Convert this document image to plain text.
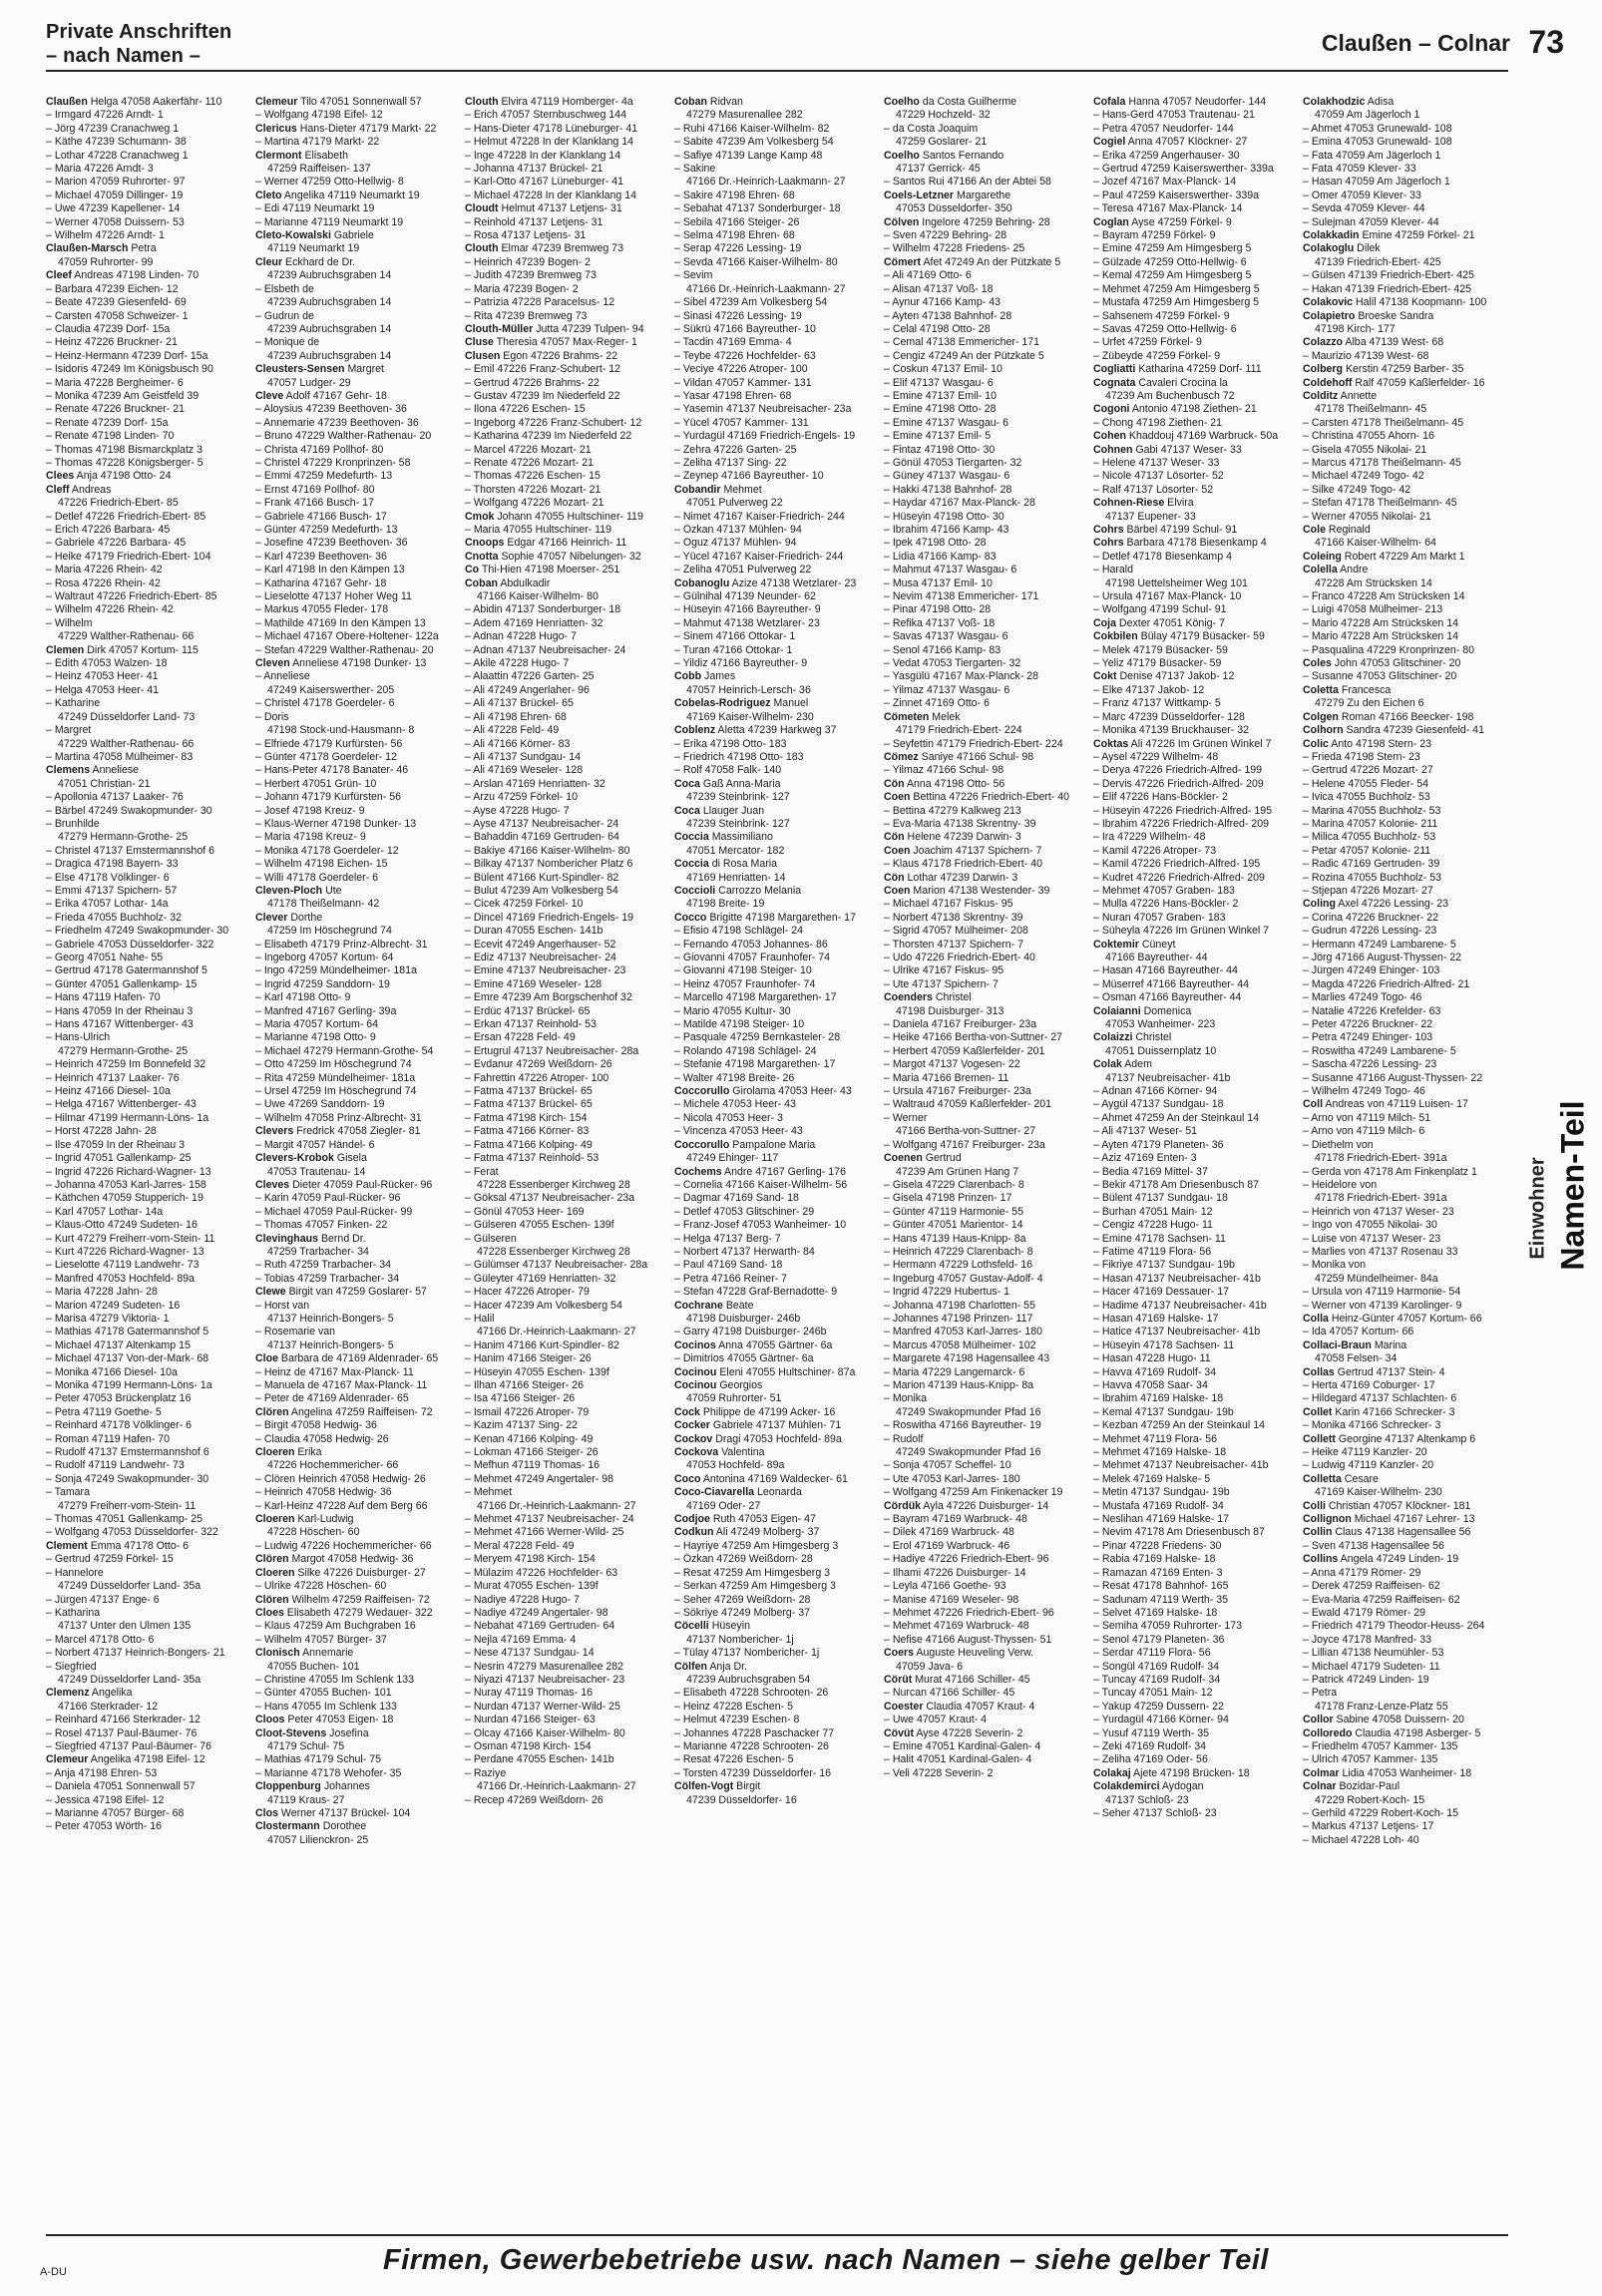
Private Anschriften
– nach Namen –	Claußen – Colnar 73
Claußen Helga 47058 Aakerfähr- 110
– Irmgard 47226 Arndt- 1
– Jörg 47239 Cranachweg 1
– Käthe 47239 Schumann- 38
– Lothar 47228 Cranachweg 1
– Maria 47226 Arndt- 3
– Marion 47059 Ruhrorter- 97
– Michael 47059 Dillinger- 19
– Uwe 47239 Kapellener- 14
– Werner 47058 Duissern- 53
– Wilhelm 47226 Arndt- 1
Claußen-Marsch Petra
47059 Ruhrorter- 99
Cleef Andreas 47198 Linden- 70
– Barbara 47239 Eichen- 12
– Beate 47239 Giesenfeld- 69
– Carsten 47058 Schweizer- 1
– Claudia 47239 Dorf- 15a
– Heinz 47226 Bruckner- 21
– Heinz-Hermann 47239 Dorf- 15a
– Isidoris 47249 Im Königsbusch 90
– Maria 47228 Bergheimer- 6
– Monika 47239 Am Geistfeld 39
– Renate 47226 Bruckner- 21
– Renate 47239 Dorf- 15a
– Renate 47198 Linden- 70
– Thomas 47198 Bismarckplatz 3
– Thomas 47228 Königsberger- 5
Clees Anja 47198 Otto- 24
Cleff Andreas
47226 Friedrich-Ebert- 85
– Detlef 47226 Friedrich-Ebert- 85
– Erich 47226 Barbara- 45
– Gabriele 47226 Barbara- 45
– Heike 47179 Friedrich-Ebert- 104
– Maria 47226 Rhein- 42
– Rosa 47226 Rhein- 42
– Waltraut 47226 Friedrich-Ebert- 85
– Wilhelm 47226 Rhein- 42
– Wilhelm
47229 Walther-Rathenau- 66
Clemen Dirk 47057 Kortum- 115
– Edith 47053 Walzen- 18
– Heinz 47053 Heer- 41
– Helga 47053 Heer- 41
– Katharine
47249 Düsseldorfer Land- 73
– Margret
47229 Walther-Rathenau- 66
– Martina 47058 Mülheimer- 83
Clemens Anneliese
47051 Christian- 21
– Apollonia 47137 Laaker- 76
– Bärbel 47249 Swakopmunder- 30
– Brunhilde
47279 Hermann-Grothe- 25
– Christel 47137 Emstermannshof 6
– Dragica 47198 Bayern- 33
– Else 47178 Völklinger- 6
– Emmi 47137 Spichern- 57
– Erika 47057 Lothar- 14a
– Frieda 47055 Buchholz- 32
– Friedhelm 47249 Swakopmunder- 30
– Gabriele 47053 Düsseldorfer- 322
– Georg 47051 Nahe- 55
– Gertrud 47178 Gatermannshof 5
– Günter 47051 Gallenkamp- 15
– Hans 47119 Hafen- 70
– Hans 47059 In der Rheinau 3
– Hans 47167 Wittenberger- 43
– Hans-Ulrich
47279 Hermann-Grothe- 25
– Heinrich 47259 Im Bonnefeld 32
– Heinrich 47137 Laaker- 76
– Heinz 47166 Diesel- 10a
– Helga 47167 Wittenberger- 43
– Hilmar 47199 Hermann-Löns- 1a
– Horst 47228 Jahn- 28
– Ilse 47059 In der Rheinau 3
– Ingrid 47051 Gallenkamp- 25
– Ingrid 47226 Richard-Wagner- 13
– Johanna 47053 Karl-Jarres- 158
– Käthchen 47059 Stupperich- 19
– Karl 47057 Lothar- 14a
– Klaus-Otto 47249 Sudeten- 16
– Kurt 47279 Freiherr-vom-Stein- 11
– Kurt 47226 Richard-Wagner- 13
– Lieselotte 47119 Landwehr- 73
– Manfred 47053 Hochfeld- 89a
– Maria 47228 Jahn- 28
– Marion 47249 Sudeten- 16
– Marisa 47279 Viktoria- 1
– Mathias 47178 Gatermannshof 5
– Michael 47137 Altenkamp 15
– Michael 47137 Von-der-Mark- 68
– Monika 47166 Diesel- 10a
– Monika 47199 Hermann-Löns- 1a
– Peter 47053 Brückenplatz 16
– Petra 47119 Goethe- 5
– Reinhard 47178 Völklinger- 6
– Roman 47119 Hafen- 70
– Rudolf 47137 Emstermannshof 6
– Rudolf 47119 Landwehr- 73
– Sonja 47249 Swakopmunder- 30
– Tamara
47279 Freiherr-vom-Stein- 11
– Thomas 47051 Gallenkamp- 25
– Wolfgang 47053 Düsseldorfer- 322
Clement Emma 47178 Otto- 6
– Gertrud 47259 Förkel- 15
– Hannelore
47249 Düsseldorfer Land- 35a
– Jürgen 47137 Enge- 6
– Katharina
47137 Unter den Ulmen 135
– Marcel 47178 Otto- 6
– Norbert 47137 Heinrich-Bongers- 21
– Siegfried
47249 Düsseldorfer Land- 35a
Clemenz Angelika
47166 Sterkrader- 12
– Reinhard 47166 Sterkrader- 12
– Rosel 47137 Paul-Bäumer- 76
– Siegfried 47137 Paul-Bäumer- 76
Clemeur Angelika 47198 Eifel- 12
– Anja 47198 Ehren- 53
– Daniela 47051 Sonnenwall 57
– Jessica 47198 Eifel- 12
– Marianne 47057 Bürger- 68
– Peter 47053 Wörth- 16
Clemeur Tilo 47051 Sonnenwall 57
– Wolfgang 47198 Eifel- 12
Clericus Hans-Dieter 47179 Markt- 22
– Martina 47179 Markt- 22
Clermont Elisabeth
47259 Raiffeisen- 137
– Werner 47259 Otto-Hellwig- 8
Cleto Angelika 47119 Neumarkt 19
– Edi 47119 Neumarkt 19
– Marianne 47119 Neumarkt 19
Cleto-Kowalski Gabriele
47119 Neumarkt 19
Cleur Eckhard de Dr.
47239 Aubruchsgraben 14
– Elsbeth de
47239 Aubruchsgraben 14
– Gudrun de
47239 Aubruchsgraben 14
– Monique de
47239 Aubruchsgraben 14
Cleusters-Sensen Margret
47057 Ludger- 29
Cleve Adolf 47167 Gehr- 18
– Aloysius 47239 Beethoven- 36
– Annemarie 47239 Beethoven- 36
– Bruno 47229 Walther-Rathenau- 20
– Christa 47169 Pollhof- 80
– Christel 47229 Kronprinzen- 58
– Emmi 47259 Medefurth- 13
– Ernst 47169 Pollhof- 80
– Frank 47166 Busch- 17
– Gabriele 47166 Busch- 17
– Günter 47259 Medefurth- 13
– Josefine 47239 Beethoven- 36
– Karl 47239 Beethoven- 36
– Karl 47198 In den Kämpen 13
– Katharina 47167 Gehr- 18
– Lieselotte 47137 Hoher Weg 11
– Markus 47055 Fleder- 178
– Mathilde 47169 In den Kämpen 13
– Michael 47167 Obere-Holtener- 122a
– Stefan 47229 Walther-Rathenau- 20
Cleven Anneliese 47198 Dunker- 13
– Anneliese
47249 Kaiserswerther- 205
– Christel 47178 Goerdeler- 6
– Doris
47198 Stock-und-Hausmann- 8
– Elfriede 47179 Kurfürsten- 56
– Günter 47178 Goerdeler- 12
– Hans-Peter 47178 Banater- 46
– Herbert 47051 Grün- 10
– Johann 47179 Kurfürsten- 56
– Josef 47198 Kreuz- 9
– Klaus-Werner 47198 Dunker- 13
– Maria 47198 Kreuz- 9
– Monika 47178 Goerdeler- 12
– Wilhelm 47198 Eichen- 15
– Willi 47178 Goerdeler- 6
Cleven-Ploch Ute
47178 Theißelmann- 42
Clever Dorthe
47259 Im Höschegrund 74
– Elisabeth 47179 Prinz-Albrecht- 31
– Ingeborg 47057 Kortum- 64
– Ingo 47259 Mündelheimer- 181a
– Ingrid 47259 Sanddorn- 19
– Karl 47198 Otto- 9
– Manfred 47167 Gerling- 39a
– Maria 47057 Kortum- 64
– Marianne 47198 Otto- 9
– Michael 47279 Hermann-Grothe- 54
– Otto 47259 Im Höschegrund 74
– Rita 47259 Mündelheimer- 181a
– Ursel 47259 Im Höschegrund 74
– Uwe 47269 Sanddorn- 19
– Wilhelm 47058 Prinz-Albrecht- 31
Clevers Fredrick 47058 Ziegler- 81
– Margit 47057 Händel- 6
Clevers-Krobok Gisela
47053 Trautenau- 14
Cleves Dieter 47059 Paul-Rücker- 96
– Karin 47059 Paul-Rücker- 96
– Michael 47059 Paul-Rücker- 99
– Thomas 47057 Finken- 22
Clevinghaus Bernd Dr.
47259 Trarbacher- 34
– Ruth 47259 Trarbacher- 34
– Tobias 47259 Trarbacher- 34
Clewe Birgit van 47259 Goslarer- 57
– Horst van
47137 Heinrich-Bongers- 5
– Rosemarie van
47137 Heinrich-Bongers- 5
Cloe Barbara de 47169 Aldenrader- 65
– Heinz de 47167 Max-Planck- 11
– Manuela de 47167 Max-Planck- 11
– Peter de 47169 Aldenrader- 65
Clören Angelina 47259 Raiffeisen- 72
– Birgit 47058 Hedwig- 36
– Claudia 47058 Hedwig- 26
Cloeren Erika
47226 Hochemmericher- 66
– Clören Heinrich 47058 Hedwig- 26
– Heinrich 47058 Hedwig- 36
– Karl-Heinz 47228 Auf dem Berg 66
Cloeren Karl-Ludwig
47228 Höschen- 60
– Ludwig 47226 Hochemmericher- 66
Clören Margot 47058 Hedwig- 36
Cloeren Silke 47226 Duisburger- 27
– Ulrike 47228 Höschen- 60
Clören Wilhelm 47259 Raiffeisen- 72
Cloes Elisabeth 47279 Wedauer- 322
– Klaus 47259 Am Buchgraben 16
– Wilhelm 47057 Bürger- 37
Clonisch Annemarie
47055 Buchen- 101
– Christine 47055 Im Schlenk 133
– Günter 47055 Buchen- 101
– Hans 47055 Im Schlenk 133
Cloos Peter 47053 Eigen- 18
Cloot-Stevens Josefina
47179 Schul- 75
– Mathias 47179 Schul- 75
– Marianne 47178 Wehofer- 35
Cloppenburg Johannes
47119 Kraus- 27
Clos Werner 47137 Brückel- 104
Clostermann Dorothee
47057 Lilienckron- 25
Clouth Elvira 47119 Homberger- 4a
– Erich 47057 Sternbuschweg 144
– Hans-Dieter 47178 Lüneburger- 41
– Helmut 47228 In der Klanklang 14
– Inge 47228 In der Klanklang 14
– Johanna 47137 Brückel- 21
– Karl-Otto 47167 Lüneburger- 41
– Michael 47228 In der Klanklang 14
Cloudt Helmut 47137 Letjens- 31
– Reinhold 47137 Letjens- 31
– Rosa 47137 Letjens- 31
Clouth Elmar 47239 Bremweg 73
– Heinrich 47239 Bogen- 2
– Judith 47239 Bremweg 73
– Maria 47239 Bogen- 2
– Patrizia 47228 Paracelsus- 12
– Rita 47239 Bremweg 73
Clouth-Müller Jutta 47239 Tulpen- 94
Cluse Theresia 47057 Max-Reger- 1
Clusen Egon 47226 Brahms- 22
– Emil 47226 Franz-Schubert- 12
– Gertrud 47226 Brahms- 22
– Gustav 47239 Im Niederfeld 22
– Ilona 47226 Eschen- 15
– Ingeborg 47226 Franz-Schubert- 12
– Katharina 47239 Im Niederfeld 22
– Marcel 47226 Mozart- 21
– Renate 47226 Mozart- 21
– Thomas 47226 Eschen- 15
– Thorsten 47226 Mozart- 21
– Wolfgang 47226 Mozart- 21
Cmok Johann 47055 Hultschiner- 119
– Maria 47055 Hultschiner- 119
Cnoops Edgar 47166 Heinrich- 11
Cnotta Sophie 47057 Nibelungen- 32
Co Thi-Hien 47198 Moerser- 251
Coban Abdulkadir
47166 Kaiser-Wilhelm- 80
– Abidin 47137 Sonderburger- 18
– Adem 47169 Henriatten- 32
– Adnan 47228 Hugo- 7
– Adnan 47137 Neubreisacher- 24
– Akile 47228 Hugo- 7
– Alaattin 47226 Garten- 25
– Ali 47249 Angerlaher- 96
– Ali 47137 Brückel- 65
– Ali 47198 Ehren- 68
– Ali 47228 Feld- 49
– Ali 47166 Körner- 83
– Ali 47137 Sundgau- 14
– Ali 47169 Weseler- 128
– Arslan 47169 Henriatten- 32
– Arzu 47259 Förkel- 10
– Ayse 47228 Hugo- 7
– Ayse 47137 Neubreisacher- 24
– Bahaddin 47169 Gertruden- 64
– Bakiye 47166 Kaiser-Wilhelm- 80
– Bilkay 47137 Nombericher Platz 6
– Bülent 47166 Kurt-Spindler- 82
– Bulut 47239 Am Volkesberg 54
– Cicek 47259 Förkel- 10
– Dincel 47169 Friedrich-Engels- 19
– Duran 47055 Eschen- 141b
– Ecevit 47249 Angerhauser- 52
– Ediz 47137 Neubreisacher- 24
– Emine 47137 Neubreisacher- 23
– Emine 47169 Weseler- 128
– Emre 47239 Am Borgschenhof 32
– Erdüc 47137 Brückel- 65
– Erkan 47137 Reinhold- 53
– Ersan 47228 Feld- 49
– Ertugrul 47137 Neubreisacher- 28a
– Evdanur 47269 Weißdorn- 26
– Fahrettin 47226 Atroper- 100
– Fatma 47137 Brückel- 65
– Fatma 47137 Brückel- 65
– Fatma 47198 Kirch- 154
– Fatma 47166 Körner- 83
– Fatma 47166 Kolping- 49
– Fatma 47137 Reinhold- 53
– Ferat
47228 Essenberger Kirchweg 28
– Göksal 47137 Neubreisacher- 23a
– Gönül 47053 Heer- 169
– Gülseren 47055 Eschen- 139f
– Gülseren
47228 Essenberger Kirchweg 28
– Gülümser 47137 Neubreisacher- 28a
– Güleyter 47169 Henriatten- 32
– Hacer 47226 Atroper- 79
– Hacer 47239 Am Volkesberg 54
– Halil
47166 Dr.-Heinrich-Laakmann- 27
– Hanim 47166 Kurt-Spindler- 82
– Hanim 47166 Steiger- 26
– Hüseyin 47055 Eschen- 139f
– Ilhan 47166 Steiger- 26
– Isa 47166 Steiger- 26
– Ismail 47226 Atroper- 79
– Kazim 47137 Sing- 22
– Kenan 47166 Kolping- 49
– Lokman 47166 Steiger- 26
– Mefhun 47119 Thomas- 16
– Mehmet 47249 Angertaler- 98
– Mehmet
47166 Dr.-Heinrich-Laakmann- 27
– Mehmet 47137 Neubreisacher- 24
– Mehmet 47166 Werner-Wild- 25
– Meral 47228 Feld- 49
– Meryem 47198 Kirch- 154
– Mülazim 47226 Hochfelder- 63
– Murat 47055 Eschen- 139f
– Nadiye 47228 Hugo- 7
– Nadiye 47249 Angertaler- 98
– Nebahat 47169 Gertruden- 64
– Nejla 47169 Emma- 4
– Nese 47137 Sundgau- 14
– Nesrin 47279 Masurenallee 282
– Niyazi 47137 Neubreisacher- 23
– Nuray 47119 Thomas- 16
– Nurdan 47137 Werner-Wild- 25
– Nurdan 47166 Steiger- 63
– Olcay 47166 Kaiser-Wilhelm- 80
– Osman 47198 Kirch- 154
– Perdane 47055 Eschen- 141b
– Raziye
47166 Dr.-Heinrich-Laakmann- 27
– Recep 47269 Weißdorn- 26
Coban Ridvan
47279 Masurenallee 282
– Ruhi 47166 Kaiser-Wilhelm- 82
– Sabite 47239 Am Volkesberg 54
– Safiye 47139 Lange Kamp 48
– Sakine
47166 Dr.-Heinrich-Laakmann- 27
– Sakire 47198 Ehren- 68
– Sebahat 47137 Sonderburger- 18
– Sebila 47166 Steiger- 26
– Selma 47198 Ehren- 68
– Serap 47226 Lessing- 19
– Sevda 47166 Kaiser-Wilhelm- 80
– Sevim
47166 Dr.-Heinrich-Laakmann- 27
– Sibel 47239 Am Volkesberg 54
– Sinasi 47226 Lessing- 19
– Sükrü 47166 Bayreuther- 10
– Tacdin 47169 Emma- 4
– Teybe 47226 Hochfelder- 63
– Veciye 47226 Atroper- 100
– Vildan 47057 Kammer- 131
– Yasar 47198 Ehren- 68
– Yasemin 47137 Neubreisacher- 23a
– Yücel 47057 Kammer- 131
– Yurdagül 47169 Friedrich-Engels- 19
– Zehra 47226 Garten- 25
– Zeliha 47137 Sing- 22
– Zeynep 47166 Bayreuther- 10
Cobandir Mehmet
47051 Pulverweg 22
– Nimet 47167 Kaiser-Friedrich- 244
– Özkan 47137 Mühlen- 94
– Oguz 47137 Mühlen- 94
– Yücel 47167 Kaiser-Friedrich- 244
– Zeliha 47051 Pulverweg 22
Cobanoglu Azize 47138 Wetzlarer- 23
– Gülnihal 47139 Neunder- 62
– Hüseyin 47166 Bayreuther- 9
– Mahmut 47138 Wetzlarer- 23
– Sinem 47166 Ottokar- 1
– Turan 47166 Ottokar- 1
– Yildiz 47166 Bayreuther- 9
Cobb James
47057 Heinrich-Lersch- 36
Cobelas-Rodriguez Manuel
47169 Kaiser-Wilhelm- 230
Coblenz Aletta 47239 Harkweg 37
– Erika 47198 Otto- 183
– Friedrich 47198 Otto- 183
– Rolf 47058 Falk- 140
Coca Gaß Anna-Maria
47239 Steinbrink- 127
Coca Llauger Juan
47239 Steinbrink- 127
Coccia Massimiliano
47051 Mercator- 182
Coccia di Rosa Maria
47169 Henriatten- 14
Coccioli Carrozzo Melania
47198 Breite- 19
Cocco Brigitte 47198 Margarethen- 17
– Efisio 47198 Schlägel- 24
– Fernando 47053 Johannes- 86
– Giovanni 47057 Fraunhofer- 74
– Giovanni 47198 Steiger- 10
– Heinz 47057 Fraunhofer- 74
– Marcello 47198 Margarethen- 17
– Mario 47055 Kultur- 30
– Matilde 47198 Steiger- 10
– Pasquale 47259 Bernkasteler- 28
– Rolando 47198 Schlägel- 24
– Stefanie 47198 Margarethen- 17
– Walter 47198 Breite- 26
Coccorullo Girolama 47053 Heer- 43
– Michele 47053 Heer- 43
– Nicola 47053 Heer- 3
– Vincenza 47053 Heer- 43
Coccorullo Pampalone Maria
47249 Ehinger- 117
Cochems Andre 47167 Gerling- 176
– Cornelia 47166 Kaiser-Wilhelm- 56
– Dagmar 47169 Sand- 18
– Detlef 47053 Glitschiner- 29
– Franz-Josef 47053 Wanheimer- 10
– Helga 47137 Berg- 7
– Norbert 47137 Herwarth- 84
– Paul 47169 Sand- 18
– Petra 47166 Reiner- 7
– Stefan 47228 Graf-Bernadotte- 9
Cochrane Beate
47198 Duisburger- 246b
– Garry 47198 Duisburger- 246b
Cocinos Anna 47055 Gärtner- 6a
– Dimitrios 47055 Gärtner- 6a
Cocinou Eleni 47055 Hultschiner- 87a
Cocinou Georgios
47059 Ruhrorter- 51
Cock Philippe de 47199 Acker- 16
Cocker Gabriele 47137 Mühlen- 71
Cockov Dragi 47053 Hochfeld- 89a
Cockova Valentina
47053 Hochfeld- 89a
Coco Antonina 47169 Waldecker- 61
Coco-Ciavarella Leonarda
47169 Oder- 27
Codjoe Ruth 47053 Eigen- 47
Codkun Ali 47249 Molberg- 37
– Hayriye 47259 Am Himgesberg 3
– Özkan 47269 Weißdorn- 28
– Resat 47259 Am Himgesberg 3
– Serkan 47259 Am Himgesberg 3
– Seher 47269 Weißdorn- 28
– Sökriye 47249 Molberg- 37
Cöcelli Hüseyin
47137 Nombericher- 1j
– Tülay 47137 Nombericher- 1j
Cölfen Anja Dr.
47239 Aubruchsgraben 54
– Elisabeth 47228 Schrooten- 26
– Heinz 47228 Eschen- 5
– Helmut 47239 Eschen- 8
– Johannes 47228 Paschacker 77
– Marianne 47228 Schrooten- 26
– Resat 47226 Eschen- 5
– Torsten 47239 Düsseldorfer- 16
Cölfen-Vogt Birgit
47239 Düsseldorfer- 16
Coelho da Costa Guilherme
47229 Hochzeld- 32
– da Costa Joaquim
47259 Goslarer- 21
Coelho Santos Fernando
47137 Gerrick- 45
– Santos Rui 47166 An der Abtei 58
Coels-Letzner Margarethe
47053 Düsseldorfer- 350
Cölven Ingelore 47259 Behring- 28
– Sven 47229 Behring- 28
– Wilhelm 47228 Friedens- 25
Cömert Afet 47249 An der Pützkate 5
– Ali 47169 Otto- 6
– Alisan 47137 Voß- 18
– Aynur 47166 Kamp- 43
– Ayten 47138 Bahnhof- 28
– Celal 47198 Otto- 28
– Cemal 47138 Emmericher- 171
– Cengiz 47249 An der Pützkate 5
– Coskun 47137 Emil- 10
– Elif 47137 Wasgau- 6
– Emine 47137 Emil- 10
– Emine 47198 Otto- 28
– Emine 47137 Wasgau- 6
– Emine 47137 Emil- 5
– Fintaz 47198 Otto- 30
– Gönül 47053 Tiergarten- 32
– Güney 47137 Wasgau- 6
– Hakki 47138 Bahnhof- 28
– Haydar 47167 Max-Planck- 28
– Hüseyin 47198 Otto- 30
– Ibrahim 47166 Kamp- 43
– Ipek 47198 Otto- 28
– Lidia 47166 Kamp- 83
– Mahmut 47137 Wasgau- 6
– Musa 47137 Emil- 10
– Nevim 47138 Emmericher- 171
– Pinar 47198 Otto- 28
– Refika 47137 Voß- 18
– Savas 47137 Wasgau- 6
– Senol 47166 Kamp- 83
– Vedat 47053 Tiergarten- 32
– Yasgülü 47167 Max-Planck- 28
– Yilmaz 47137 Wasgau- 6
– Zinnet 47169 Otto- 6
Cömeten Melek
47179 Friedrich-Ebert- 224
– Seyfettin 47179 Friedrich-Ebert- 224
Cömez Saniye 47166 Schul- 98
– Yilmaz 47166 Schul- 98
Cön Anna 47198 Otto- 56
Coen Bettina 47226 Friedrich-Ebert- 40
– Bettina 47279 Kalkweg 213
– Eva-Maria 47138 Skrentny- 39
Cön Helene 47239 Darwin- 3
Coen Joachim 47137 Spichern- 7
– Klaus 47178 Friedrich-Ebert- 40
Cön Lothar 47239 Darwin- 3
Coen Marion 47138 Westender- 39
– Michael 47167 Fiskus- 95
– Norbert 47138 Skrentny- 39
– Sigrid 47057 Mülheimer- 208
– Thorsten 47137 Spichern- 7
– Udo 47226 Friedrich-Ebert- 40
– Ulrike 47167 Fiskus- 95
– Ute 47137 Spichern- 7
Coenders Christel
47198 Duisburger- 313
– Daniela 47167 Freiburger- 23a
– Heike 47166 Bertha-von-Suttner- 27
– Herbert 47059 Kaßlerfelder- 201
– Margot 47137 Vogesen- 22
– Maria 47166 Bremen- 11
– Ursula 47167 Freiburger- 23a
– Waltraud 47059 Kaßlerfelder- 201
– Werner
47166 Bertha-von-Suttner- 27
– Wolfgang 47167 Freiburger- 23a
Coenen Gertrud
47239 Am Grünen Hang 7
– Gisela 47229 Clarenbach- 8
– Gisela 47198 Prinzen- 17
– Günter 47119 Harmonie- 55
– Günter 47051 Marientor- 14
– Hans 47139 Haus-Knipp- 8a
– Heinrich 47229 Clarenbach- 8
– Hermann 47229 Lothsfeld- 16
– Ingeburg 47057 Gustav-Adolf- 4
– Ingrid 47229 Hubertus- 1
– Johanna 47198 Charlotten- 55
– Johannes 47198 Prinzen- 117
– Manfred 47053 Karl-Jarres- 180
– Marcus 47058 Mülheimer- 102
– Margarete 47198 Hagensallee 43
– Maria 47229 Langemarck- 6
– Marion 47139 Haus-Knipp- 8a
– Monika
47249 Swakopmunder Pfad 16
– Roswitha 47166 Bayreuther- 19
– Rudolf
47249 Swakopmunder Pfad 16
– Sonja 47057 Scheffel- 10
– Ute 47053 Karl-Jarres- 180
– Wolfgang 47259 Am Finkenacker 19
Cördük Ayla 47226 Duisburger- 14
– Bayram 47169 Warbruck- 48
– Dilek 47169 Warbruck- 48
– Erol 47169 Warbruck- 46
– Hadiye 47226 Friedrich-Ebert- 96
– Ilhami 47226 Duisburger- 14
– Leyla 47166 Goethe- 93
– Manise 47169 Weseler- 98
– Mehmet 47226 Friedrich-Ebert- 96
– Mehmet 47169 Warbruck- 48
– Nefise 47166 August-Thyssen- 51
Coers Auguste Heuveling Verw.
47059 Java- 6
Cörüt Murat 47166 Schiller- 45
– Nurcan 47166 Schiller- 45
Coester Claudia 47057 Kraut- 4
– Uwe 47057 Kraut- 4
Cövüt Ayse 47228 Severin- 2
– Emine 47051 Kardinal-Galen- 4
– Halit 47051 Kardinal-Galen- 4
– Veli 47228 Severin- 2
Cofala Hanna 47057 Neudorfer- 144
– Hans-Gerd 47053 Trautenau- 21
– Petra 47057 Neudorfer- 144
Cogiel Anna 47057 Klöckner- 27
– Erika 47259 Angerhauser- 30
– Gertrud 47259 Kaiserswerther- 339a
– Jozef 47167 Max-Planck- 14
– Paul 47259 Kaiserswerther- 339a
– Teresa 47167 Max-Planck- 14
Coglan Ayse 47259 Förkel- 9
– Bayram 47259 Förkel- 9
– Emine 47259 Am Himgesberg 5
– Gülzade 47259 Otto-Hellwig- 6
– Kemal 47259 Am Himgesberg 5
– Mehmet 47259 Am Himgesberg 5
– Mustafa 47259 Am Himgesberg 5
– Sahsenem 47259 Förkel- 9
– Savas 47259 Otto-Hellwig- 6
– Urfet 47259 Förkel- 9
– Zübeyde 47259 Förkel- 9
Cogliatti Katharina 47259 Dorf- 111
Cognata Cavaleri Crocina la
47239 Am Buchenbusch 72
Cogoni Antonio 47198 Ziethen- 21
– Chong 47198 Ziethen- 21
Cohen Khaddouj 47169 Warbruck- 50a
Cohnen Gabi 47137 Weser- 33
– Helene 47137 Weser- 33
– Nicole 47137 Lösorter- 52
– Ralf 47137 Lösorter- 52
Cohnen-Riese Elvira
47137 Eupener- 33
Cohrs Bärbel 47199 Schul- 91
Cohrs Barbara 47178 Biesenkamp 4
– Detlef 47178 Biesenkamp 4
– Harald
47198 Uettelsheimer Weg 101
– Ursula 47167 Max-Planck- 10
– Wolfgang 47199 Schul- 91
Coja Dexter 47051 König- 7
Cokbilen Bülay 47179 Büsacker- 59
– Melek 47179 Büsacker- 59
– Yeliz 47179 Büsacker- 59
Cokt Denise 47137 Jakob- 12
– Elke 47137 Jakob- 12
– Franz 47137 Wittkamp- 5
– Marc 47239 Düsseldorfer- 128
– Monika 47139 Bruckhauser- 32
Coktas Ali 47226 Im Grünen Winkel 7
– Aysel 47229 Wilhelm- 48
– Derya 47226 Friedrich-Alfred- 199
– Dervis 47226 Friedrich-Alfred- 209
– Elif 47226 Hans-Böckler- 2
– Hüseyin 47226 Friedrich-Alfred- 195
– Ibrahim 47226 Friedrich-Alfred- 209
– Ira 47229 Wilhelm- 48
– Kamil 47226 Atroper- 73
– Kamil 47226 Friedrich-Alfred- 195
– Kudret 47226 Friedrich-Alfred- 209
– Mehmet 47057 Graben- 183
– Mulla 47226 Hans-Böckler- 2
– Nuran 47057 Graben- 183
– Süheyla 47226 Im Grünen Winkel 7
Coktemir Cüneyt
47166 Bayreuther- 44
– Hasan 47166 Bayreuther- 44
– Müserref 47166 Bayreuther- 44
– Osman 47166 Bayreuther- 44
Colaianni Domenica
47053 Wanheimer- 223
Colaizzi Christel
47051 Duissernplatz 10
Colak Adem
47137 Neubreisacher- 41b
– Adnan 47166 Körner- 94
– Aygül 47137 Sundgau- 18
– Ahmet 47259 An der Steinkaul 14
– Ali 47137 Weser- 51
– Ayten 47179 Planeten- 36
– Aziz 47169 Enten- 3
– Bedia 47169 Mittel- 37
– Bekir 47178 Am Driesenbusch 87
– Bülent 47137 Sundgau- 18
– Burhan 47051 Main- 12
– Cengiz 47228 Hugo- 11
– Emine 47178 Sachsen- 11
– Fatime 47119 Flora- 56
– Fikriye 47137 Sundgau- 19b
– Hasan 47137 Neubreisacher- 41b
– Hacer 47169 Dessauer- 17
– Hadime 47137 Neubreisacher- 41b
– Hasan 47169 Halske- 17
– Hatice 47137 Neubreisacher- 41b
– Hüseyin 47178 Sachsen- 11
– Hasan 47228 Hugo- 11
– Havva 47169 Rudolf- 34
– Havva 47058 Saar- 34
– Ibrahim 47169 Halske- 18
– Kemal 47137 Sundgau- 19b
– Kezban 47259 An der Steinkaul 14
– Mehmet 47119 Flora- 56
– Mehmet 47169 Halske- 18
– Mehmet 47137 Neubreisacher- 41b
– Melek 47169 Halske- 5
– Metin 47137 Sundgau- 19b
– Mustafa 47169 Rudolf- 34
– Neslihan 47169 Halske- 17
– Nevim 47178 Am Driesenbusch 87
– Pinar 47228 Friedens- 30
– Rabia 47169 Halske- 18
– Ramazan 47169 Enten- 3
– Resat 47178 Bahnhof- 165
– Sadunam 47119 Werth- 35
– Selvet 47169 Halske- 18
– Semiha 47059 Ruhrorter- 173
– Senol 47179 Planeten- 36
– Serdar 47119 Flora- 56
– Songül 47169 Rudolf- 34
– Tuncay 47169 Rudolf- 34
– Tuncay 47051 Main- 12
– Yakup 47259 Dussern- 22
– Yurdagül 47166 Körner- 94
– Yusuf 47119 Werth- 35
– Zeki 47169 Rudolf- 34
– Zeliha 47169 Oder- 56
Colakaj Ajete 47198 Brücken- 18
Colakdemirci Aydogan
47137 Schloß- 23
– Seher 47137 Schloß- 23
Colakhodzic Adisa
47059 Am Jägerloch 1
– Ahmet 47053 Grunewald- 108
– Emina 47053 Grunewald- 108
– Fata 47059 Am Jägerloch 1
– Fata 47059 Klever- 33
– Hasan 47059 Am Jägerloch 1
– Omer 47059 Klever- 33
– Sevda 47059 Klever- 44
– Sulejman 47059 Klever- 44
Colakkadin Emine 47259 Förkel- 21
Colakoglu Dilek
47139 Friedrich-Ebert- 425
– Gülsen 47139 Friedrich-Ebert- 425
– Hakan 47139 Friedrich-Ebert- 425
Colakovic Halil 47138 Koopmann- 100
Colapietro Broeske Sandra
47198 Kirch- 177
Colazzo Alba 47139 West- 68
– Maurizio 47139 West- 68
Colberg Kerstin 47259 Barber- 35
Coldehoff Ralf 47059 Kaßlerfelder- 16
Colditz Annette
47178 Theißelmann- 45
– Carsten 47178 Theißelmann- 45
– Christina 47055 Ahorn- 16
– Gisela 47055 Nikolai- 21
– Marcus 47178 Theißelmann- 45
– Michael 47249 Togo- 42
– Silke 47249 Togo- 42
– Stefan 47178 Theißelmann- 45
– Werner 47055 Nikolai- 21
Cole Reginald
47166 Kaiser-Wilhelm- 64
Coleing Robert 47229 Am Markt 1
Colella Andre
47228 Am Strücksken 14
– Franco 47228 Am Strücksken 14
– Luigi 47058 Mülheimer- 213
– Mario 47228 Am Strücksken 14
– Mario 47228 Am Strücksken 14
– Pasqualina 47229 Kronprinzen- 80
Coles John 47053 Glitschiner- 20
– Susanne 47053 Glitschiner- 20
Coletta Francesca
47279 Zu den Eichen 6
Colgen Roman 47166 Beecker- 198
Colhorn Sandra 47239 Giesenfeld- 41
Colic Anto 47198 Stern- 23
– Frieda 47198 Stern- 23
– Gertrud 47226 Mozart- 27
– Helene 47055 Fleder- 54
– Ivica 47055 Buchholz- 53
– Marina 47055 Buchholz- 53
– Marina 47057 Kolonie- 211
– Milica 47055 Buchholz- 53
– Petar 47057 Kolonie- 211
– Radic 47169 Gertruden- 39
– Rozina 47055 Buchholz- 53
– Stjepan 47226 Mozart- 27
Coling Axel 47226 Lessing- 23
– Corina 47226 Bruckner- 22
– Gudrun 47226 Lessing- 23
– Hermann 47249 Lambarene- 5
– Jörg 47166 August-Thyssen- 22
– Jürgen 47249 Ehinger- 103
– Magda 47226 Friedrich-Alfred- 21
– Marlies 47249 Togo- 46
– Natalie 47226 Krefelder- 63
– Peter 47226 Bruckner- 22
– Petra 47249 Ehinger- 103
– Roswitha 47249 Lambarene- 5
– Sascha 47226 Lessing- 23
– Susanne 47166 August-Thyssen- 22
– Wilhelm 47249 Togo- 46
Coll Andreas von 47119 Luisen- 17
– Arno von 47119 Milch- 51
– Arno von 47119 Milch- 6
– Diethelm von
47178 Friedrich-Ebert- 391a
– Gerda von 47178 Am Finkenplatz 1
– Heidelore von
47178 Friedrich-Ebert- 391a
– Heinrich von 47137 Weser- 23
– Ingo von 47055 Nikolai- 30
– Luise von 47137 Weser- 23
– Marlies von 47137 Rosenau 33
– Monika von
47259 Mündelheimer- 84a
– Ursula von 47119 Harmonie- 54
– Werner von 47139 Karolinger- 9
Colla Heinz-Günter 47057 Kortum- 66
– Ida 47057 Kortum- 66
Collaci-Braun Marina
47058 Felsen- 34
Collas Gertrud 47137 Stein- 4
– Herta 47169 Coburger- 17
– Hildegard 47137 Schlachten- 6
Collet Karin 47166 Schrecker- 3
– Monika 47166 Schrecker- 3
Collett Georgine 47137 Altenkamp 6
– Heike 47119 Kanzler- 20
– Ludwig 47119 Kanzler- 20
Colletta Cesare
47169 Kaiser-Wilhelm- 230
Colli Christian 47057 Klöckner- 181
Collignon Michael 47167 Lehrer- 13
Collin Claus 47138 Hagensallee 56
– Sven 47138 Hagensallee 56
Collins Angela 47249 Linden- 19
– Anna 47179 Römer- 29
– Derek 47259 Raiffeisen- 62
– Eva-Maria 47259 Raiffeisen- 62
– Ewald 47179 Römer- 29
– Friedrich 47179 Theodor-Heuss- 264
– Joyce 47178 Manfred- 33
– Lillian 47138 Neumühler- 53
– Michael 47179 Sudeten- 11
– Patrick 47249 Linden- 19
– Petra
47178 Franz-Lenze-Platz 55
Collor Sabine 47058 Duissern- 20
Colloredo Claudia 47198 Asberger- 5
– Friedhelm 47057 Kammer- 135
– Ulrich 47057 Kammer- 135
Colmar Lidia 47053 Wanheimer- 18
Colnar Bozidar-Paul
47229 Robert-Koch- 15
– Gerhild 47229 Robert-Koch- 15
– Markus 47137 Letjens- 17
– Michael 47228 Loh- 40
Einwohner Namen-Teil
A-DU	Firmen, Gewerbebetriebe usw. nach Namen – siehe gelber Teil
